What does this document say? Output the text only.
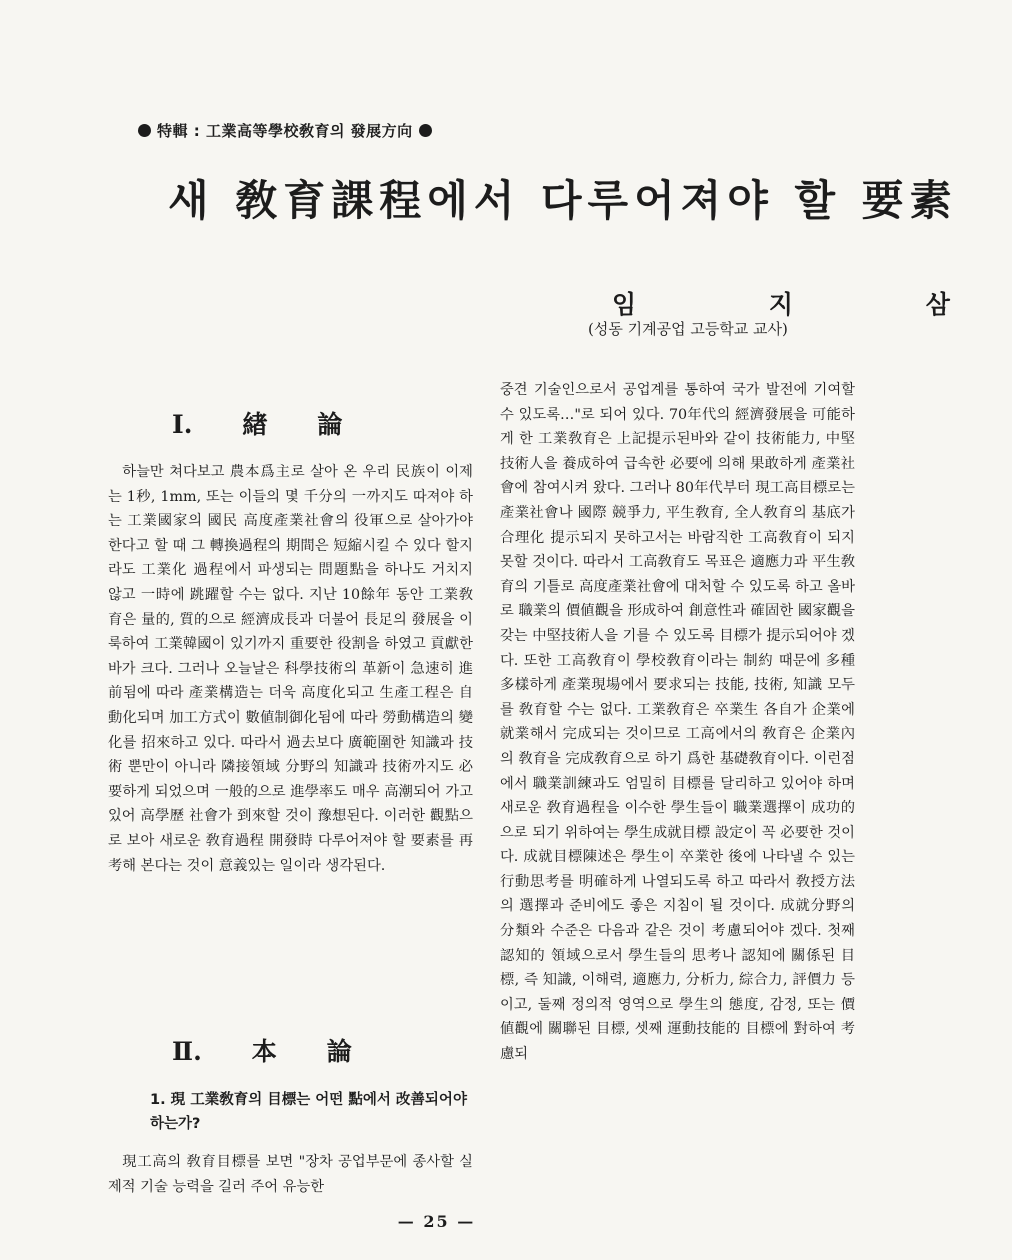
特輯 : 工業高等學校敎育의 發展方向
새 敎育課程에서 다루어져야 할 要素
임 지 삼
(성동 기계공업 고등학교 교사)
I. 緖 論

하늘만 쳐다보고 農本爲主로 살아 온 우리 民族이 이제는 1秒, 1mm, 또는 이들의 몇 千分의 一까지도 따져야 하는 工業國家의 國民 高度產業社會의 役軍으로 살아가야 한다고 할 때 그 轉換過程의 期間은 短縮시킬 수 있다 할지라도 工業化 過程에서 파생되는 問題點을 하나도 거치지 않고 一時에 跳躍할 수는 없다. 지난 10餘年 동안 工業敎育은 量的, 質的으로 經濟成長과 더불어 長足의 發展을 이룩하여 工業韓國이 있기까지 重要한 役割을 하였고 貢獻한바가 크다. 그러나 오늘날은 科學技術의 革新이 急速히 進前됨에 따라 產業構造는 더욱 高度化되고 生產工程은 自動化되며 加工方式이 數値制御化됨에 따라 勞動構造의 變化를 招來하고 있다. 따라서 過去보다 廣範圍한 知識과 技術 뿐만이 아니라 隣接領域 分野의 知識과 技術까지도 必要하게 되었으며 一般的으로 進學率도 매우 高潮되어 가고 있어 高學歷 社會가 到來할 것이 豫想된다. 이러한 觀點으로 보아 새로운 敎育過程 開發時 다루어져야 할 要素를 再考해 본다는 것이 意義있는 일이라 생각된다.

Ⅱ. 本 論
1. 現 工業敎育의 目標는 어떤 點에서 改善되어야 하는가?
現工高의 敎育目標를 보면 "장차 공업부문에 종사할 실제적 기술 능력을 길러 주어 유능한

중견 기술인으로서 공업계를 통하여 국가 발전에 기여할 수 있도록…"로 되어 있다. 70年代의 經濟發展을 可能하게 한 工業敎育은 上記提示된바와 같이 技術能力, 中堅技術人을 養成하여 급속한 必要에 의해 果敢하게 產業社會에 참여시켜 왔다. 그러나 80年代부터 現工高目標로는 產業社會나 國際 競爭力, 平生敎育, 全人敎育의 基底가 合理化 提示되지 못하고서는 바람직한 工高敎育이 되지 못할 것이다. 따라서 工高敎育도 목표은 適應力과 平生敎育의 기틀로 高度產業社會에 대처할 수 있도록 하고 올바로 職業의 價値觀을 形成하여 創意性과 確固한 國家觀을 갖는 中堅技術人을 기를 수 있도록 目標가 提示되어야 겠다. 또한 工高敎育이 學校敎育이라는 制約 때문에 多種多樣하게 產業現場에서 要求되는 技能, 技術, 知識 모두를 敎育할 수는 없다. 工業敎育은 卒業生 各自가 企業에 就業해서 完成되는 것이므로 工高에서의 敎育은 企業內의 敎育을 完成敎育으로 하기 爲한 基礎敎育이다. 이런점에서 職業訓練과도 엄밀히 目標를 달리하고 있어야 하며 새로운 敎育過程을 이수한 學生들이 職業選擇이 成功的으로 되기 위하여는 學生成就目標 設定이 꼭 必要한 것이다. 成就目標陳述은 學生이 卒業한 後에 나타낼 수 있는 行動思考를 明確하게 나열되도록 하고 따라서 敎授方法의 選擇과 준비에도 좋은 지침이 될 것이다. 成就分野의 分類와 수준은 다음과 같은 것이 考慮되어야 겠다. 첫째 認知的 領域으로서 學生들의 思考나 認知에 關係된 目標, 즉 知識, 이해력, 適應力, 分析力, 綜合力, 評價力 등이고, 둘째 정의적 영역으로 學生의 態度, 감정, 또는 價値觀에 關聯된 目標, 셋째 運動技能的 目標에 對하여 考慮되

— 25 —
